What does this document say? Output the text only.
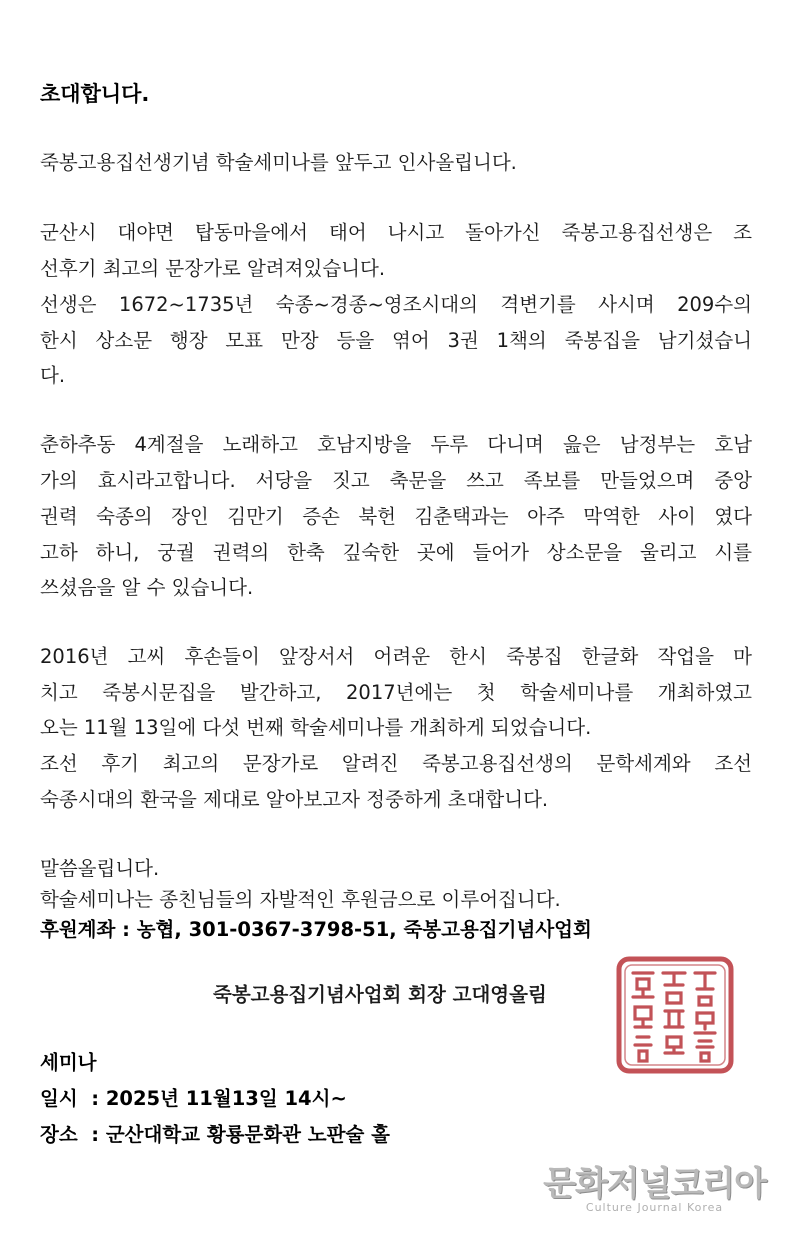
초대합니다.
죽봉고용집선생기념 학술세미나를 앞두고 인사올립니다.
군산시 대야면 탑동마을에서 태어 나시고 돌아가신 죽봉고용집선생은 조
선후기 최고의 문장가로 알려져있습니다.
선생은 1672~1735년 숙종~경종~영조시대의 격변기를 사시며 209수의
한시 상소문 행장 모표 만장 등을 엮어 3권 1책의 죽봉집을 남기셨습니
다.
춘하추동 4계절을 노래하고 호남지방을 두루 다니며 읊은 남정부는 호남
가의 효시라고합니다. 서당을 짓고 축문을 쓰고 족보를 만들었으며 중앙
권력 숙종의 장인 김만기 증손 북헌 김춘택과는 아주 막역한 사이 였다
고하 하니, 궁궐 권력의 한축 깊숙한 곳에 들어가 상소문을 울리고 시를
쓰셨음을 알 수 있습니다.
2016년 고씨 후손들이 앞장서서 어려운 한시 죽봉집 한글화 작업을 마
치고 죽봉시문집을 발간하고, 2017년에는 첫 학술세미나를 개최하였고
오는 11월 13일에 다섯 번째 학술세미나를 개최하게 되었습니다.
조선 후기 최고의 문장가로 알려진 죽봉고용집선생의 문학세계와 조선
숙종시대의 환국을 제대로 알아보고자 정중하게 초대합니다.
말씀올립니다.
학술세미나는 종친님들의 자발적인 후원금으로 이루어집니다.
후원계좌 : 농협, 301-0367-3798-51, 죽봉고용집기념사업회
죽봉고용집기념사업회 회장 고대영올림
세미나
일시  : 2025년 11월13일 14시~
장소  : 군산대학교 황룡문화관 노판술 홀
문화저널코리아
Culture Journal Korea
